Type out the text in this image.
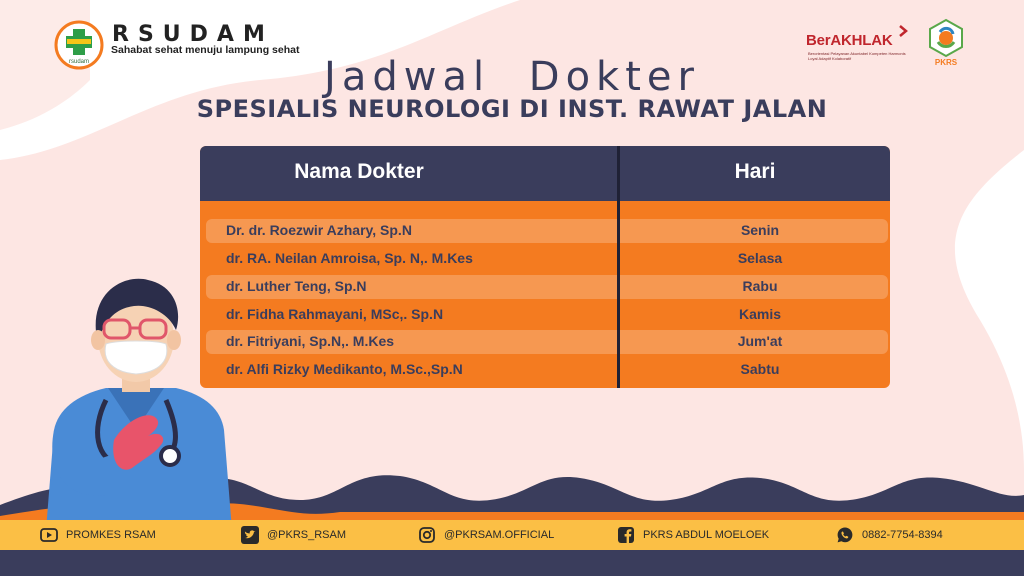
rsudam
RSUDAM
Sahabat sehat menuju lampung sehat
BerAKHLAK
Berorientasi Pelayanan Akuntabel Kompeten Harmonis Loyal Adaptif Kolaboratif	PKRS
Jadwal Dokter
SPESIALIS NEUROLOGI DI INST. RAWAT JALAN
Nama Dokter	Hari
Dr. dr. Roezwir Azhary, Sp.N	Senin
dr. RA. Neilan Amroisa, Sp. N,. M.Kes	Selasa
dr. Luther Teng, Sp.N	Rabu
dr. Fidha Rahmayani, MSc,. Sp.N	Kamis
dr. Fitriyani, Sp.N,. M.Kes	Jum'at
dr. Alfi Rizky Medikanto, M.Sc.,Sp.N	Sabtu
PROMKES RSAM	@PKRS_RSAM	@PKRSAM.OFFICIAL	PKRS ABDUL MOELOEK	0882-7754-8394
